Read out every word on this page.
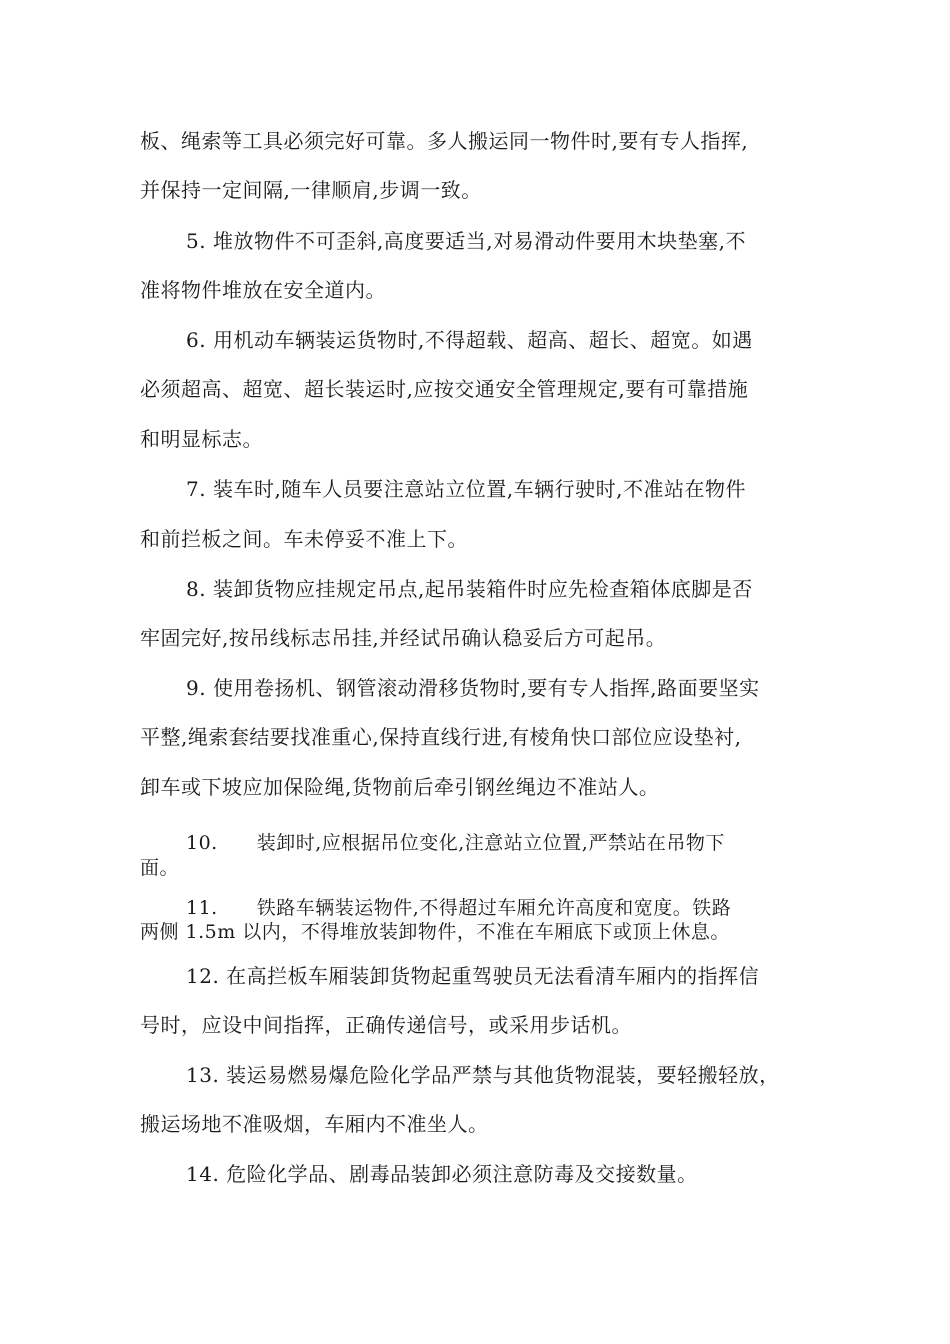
板、绳索等工具必须完好可靠。多人搬运同一物件时,要有专人指挥,

并保持一定间隔,一律顺肩,步调一致。

5. 堆放物件不可歪斜,高度要适当,对易滑动件要用木块垫塞,不

准将物件堆放在安全道内。

6. 用机动车辆装运货物时,不得超载、超高、超长、超宽。如遇

必须超高、超宽、超长装运时,应按交通安全管理规定,要有可靠措施

和明显标志。

7. 装车时,随车人员要注意站立位置,车辆行驶时,不准站在物件

和前拦板之间。车未停妥不准上下。

8. 装卸货物应挂规定吊点,起吊装箱件时应先检查箱体底脚是否

牢固完好,按吊线标志吊挂,并经试吊确认稳妥后方可起吊。

9. 使用卷扬机、钢管滚动滑移货物时,要有专人指挥,路面要坚实

平整,绳索套结要找准重心,保持直线行进,有棱角快口部位应设垫衬,

卸车或下坡应加保险绳,货物前后牵引钢丝绳边不准站人。

10.　　装卸时,应根据吊位变化,注意站立位置,严禁站在吊物下

面。

11.　　铁路车辆装运物件,不得超过车厢允许高度和宽度。铁路

两侧 1.5m 以内，不得堆放装卸物件，不准在车厢底下或顶上休息。

12. 在高拦板车厢装卸货物起重驾驶员无法看清车厢内的指挥信

号时，应设中间指挥，正确传递信号，或采用步话机。

13. 装运易燃易爆危险化学品严禁与其他货物混装，要轻搬轻放，

搬运场地不准吸烟，车厢内不准坐人。

14. 危险化学品、剧毒品装卸必须注意防毒及交接数量。
